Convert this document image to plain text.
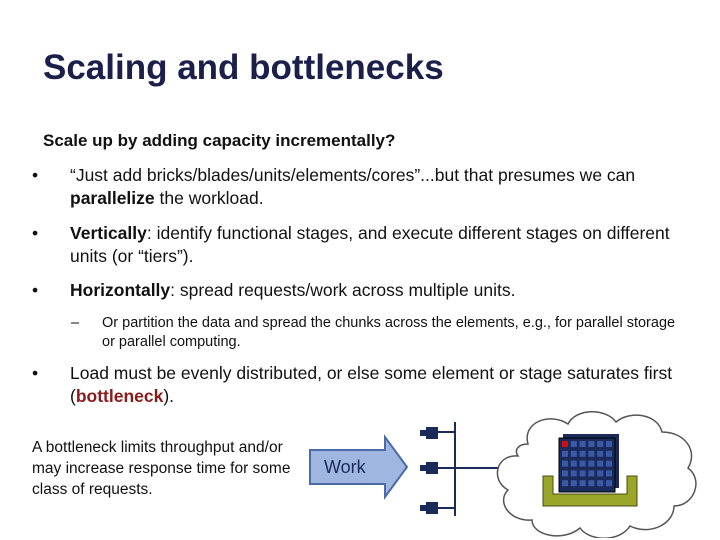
Scaling and bottlenecks
Scale up by adding capacity incrementally?
•	“Just add bricks/blades/units/elements/cores”...but that presumes we can parallelize the workload.
•	Vertically: identify functional stages, and execute different stages on different units (or “tiers”).
•	Horizontally: spread requests/work across multiple units.
– Or partition the data and spread the chunks across the elements, e.g., for parallel storage or parallel computing.
•	Load must be evenly distributed, or else some element or stage saturates first (bottleneck).
A bottleneck limits throughput and/or may increase response time for some class of requests.
Work
